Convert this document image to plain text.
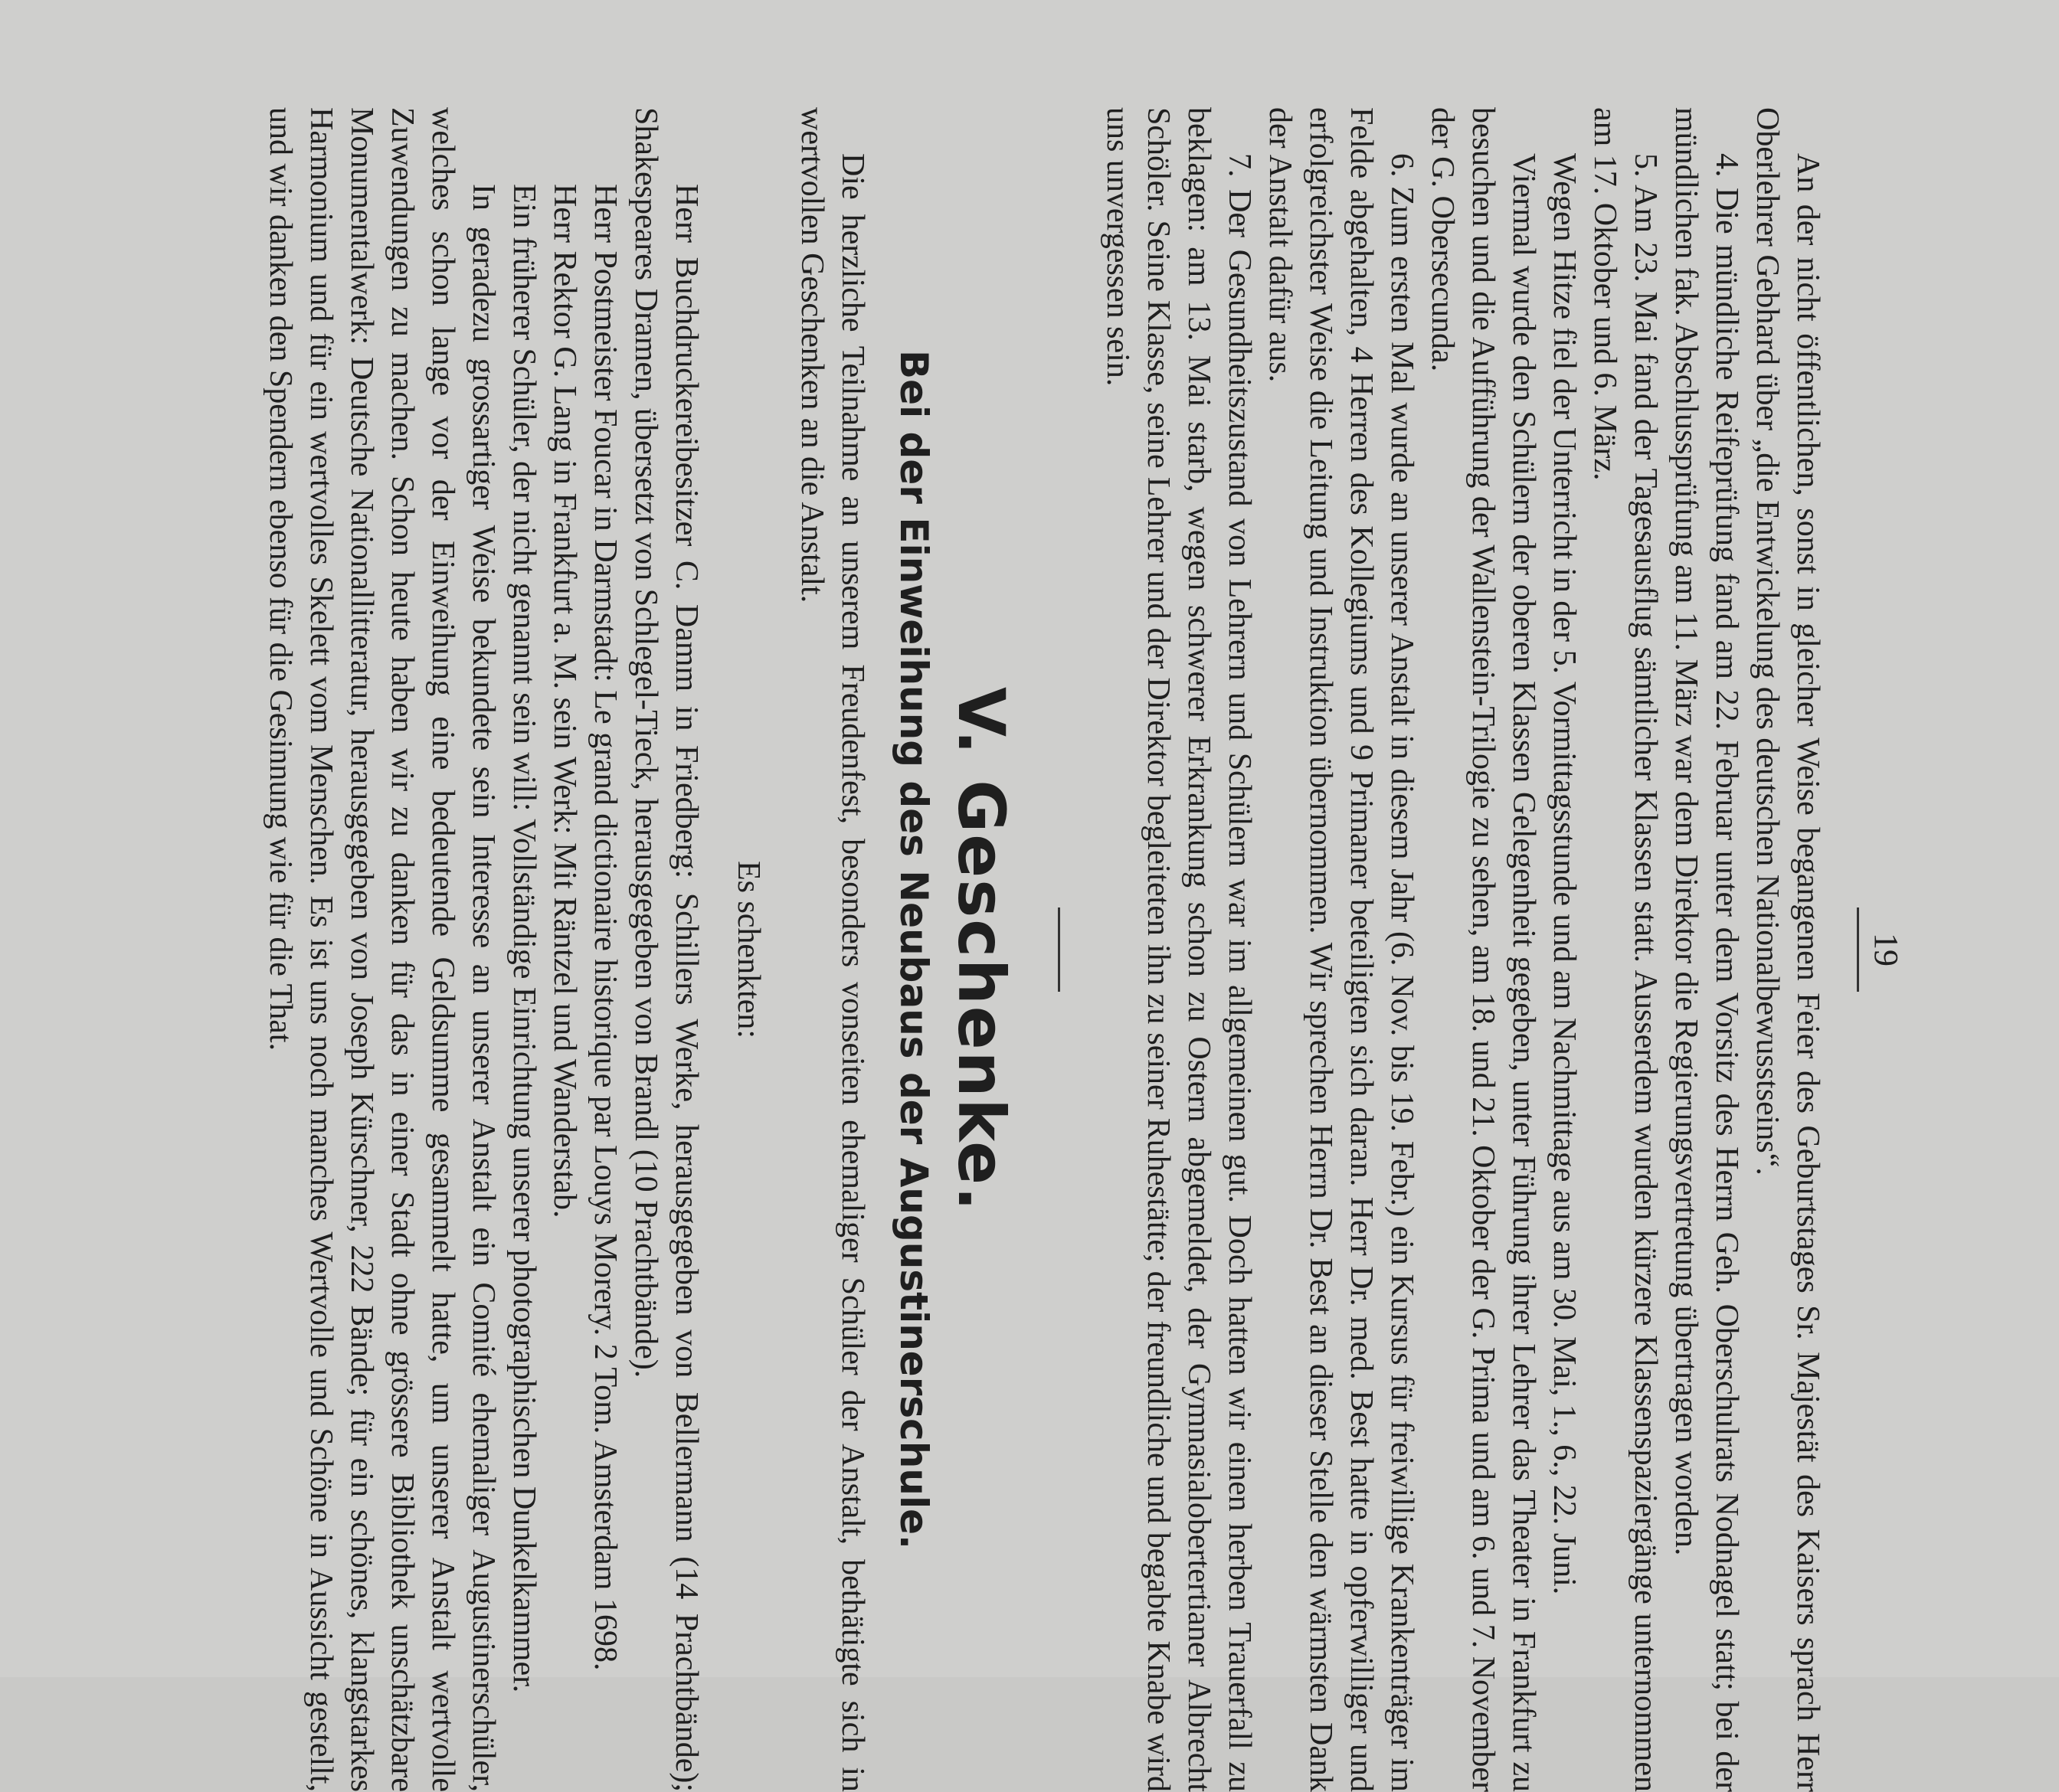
19

An der nicht öffentlichen, sonst in gleicher Weise begangenen Feier des Geburtstages Sr. Majestät des Kaisers sprach Herr Oberlehrer Gebhard über „die Entwickelung des deutschen Nationalbewusstseins“.

4. Die mündliche Reifeprüfung fand am 22. Februar unter dem Vorsitz des Herrn Geh. Oberschulrats Nodnagel statt; bei der mündlichen fak. Abschlussprüfung am 11. März war dem Direktor die Regierungsvertretung übertragen worden.

5. Am 23. Mai fand der Tagesausflug sämtlicher Klassen statt. Ausserdem wurden kürzere Klassenspaziergänge unternommen am 17. Oktober und 6. März.

Wegen Hitze fiel der Unterricht in der 5. Vormittagsstunde und am Nachmittage aus am 30. Mai, 1., 6., 22. Juni.

Viermal wurde den Schülern der oberen Klassen Gelegenheit gegeben, unter Führung ihrer Lehrer das Theater in Frankfurt zu besuchen und die Aufführung der Wallenstein-Trilogie zu sehen, am 18. und 21. Oktober der G. Prima und am 6. und 7. November der G. Obersecunda.

6. Zum ersten Mal wurde an unserer Anstalt in diesem Jahr (6. Nov. bis 19. Febr.) ein Kursus für freiwillige Krankenträger im Felde abgehalten, 4 Herren des Kollegiums und 9 Primaner beteiligten sich daran. Herr Dr. med. Best hatte in opferwilliger und erfolgreichster Weise die Leitung und Instruktion übernommen. Wir sprechen Herrn Dr. Best an dieser Stelle den wärmsten Dank der Anstalt dafür aus.

7. Der Gesundheitszustand von Lehrern und Schülern war im allgemeinen gut. Doch hatten wir einen herben Trauerfall zu beklagen: am 13. Mai starb, wegen schwerer Erkrankung schon zu Ostern abgemeldet, der Gymnasialobertertianer Albrecht Schöler. Seine Klasse, seine Lehrer und der Direktor begleiteten ihn zu seiner Ruhestätte; der freundliche und begabte Knabe wird uns unvergessen sein.

V. Geschenke.
Bei der Einweihung des Neubaus der Augustinerschule.

Die herzliche Teilnahme an unserem Freudenfest, besonders vonseiten ehemaliger Schüler der Anstalt, bethätigte sich in wertvollen Geschenken an die Anstalt.

Es schenkten:

Herr Buchdruckereibesitzer C. Damm in Friedberg: Schillers Werke, herausgegeben von Bellermann (14 Prachtbände); Shakespeares Dramen, übersetzt von Schlegel-Tieck, herausgegeben von Brandl (10 Prachtbände).

Herr Postmeister Foucar in Darmstadt: Le grand dictionaire historique par Louys Morery. 2 Tom. Amsterdam 1698.

Herr Rektor G. Lang in Frankfurt a. M. sein Werk: Mit Räntzel und Wanderstab.

Ein früherer Schüler, der nicht genannt sein will: Vollständige Einrichtung unserer photographischen Dunkelkammer.

In geradezu grossartiger Weise bekundete sein Interesse an unserer Anstalt ein Comité ehemaliger Augustinerschüler, welches schon lange vor der Einweihung eine bedeutende Geldsumme gesammelt hatte, um unserer Anstalt wertvolle Zuwendungen zu machen. Schon heute haben wir zu danken für das in einer Stadt ohne grössere Bibliothek unschätzbare Monumentalwerk: Deutsche Nationallitteratur, herausgegeben von Joseph Kürschner, 222 Bände; für ein schönes, klangstarkes Harmonium und für ein wertvolles Skelett vom Menschen. Es ist uns noch manches Wertvolle und Schöne in Aussicht gestellt, und wir danken den Spendern ebenso für die Gesinnung wie für die That.
